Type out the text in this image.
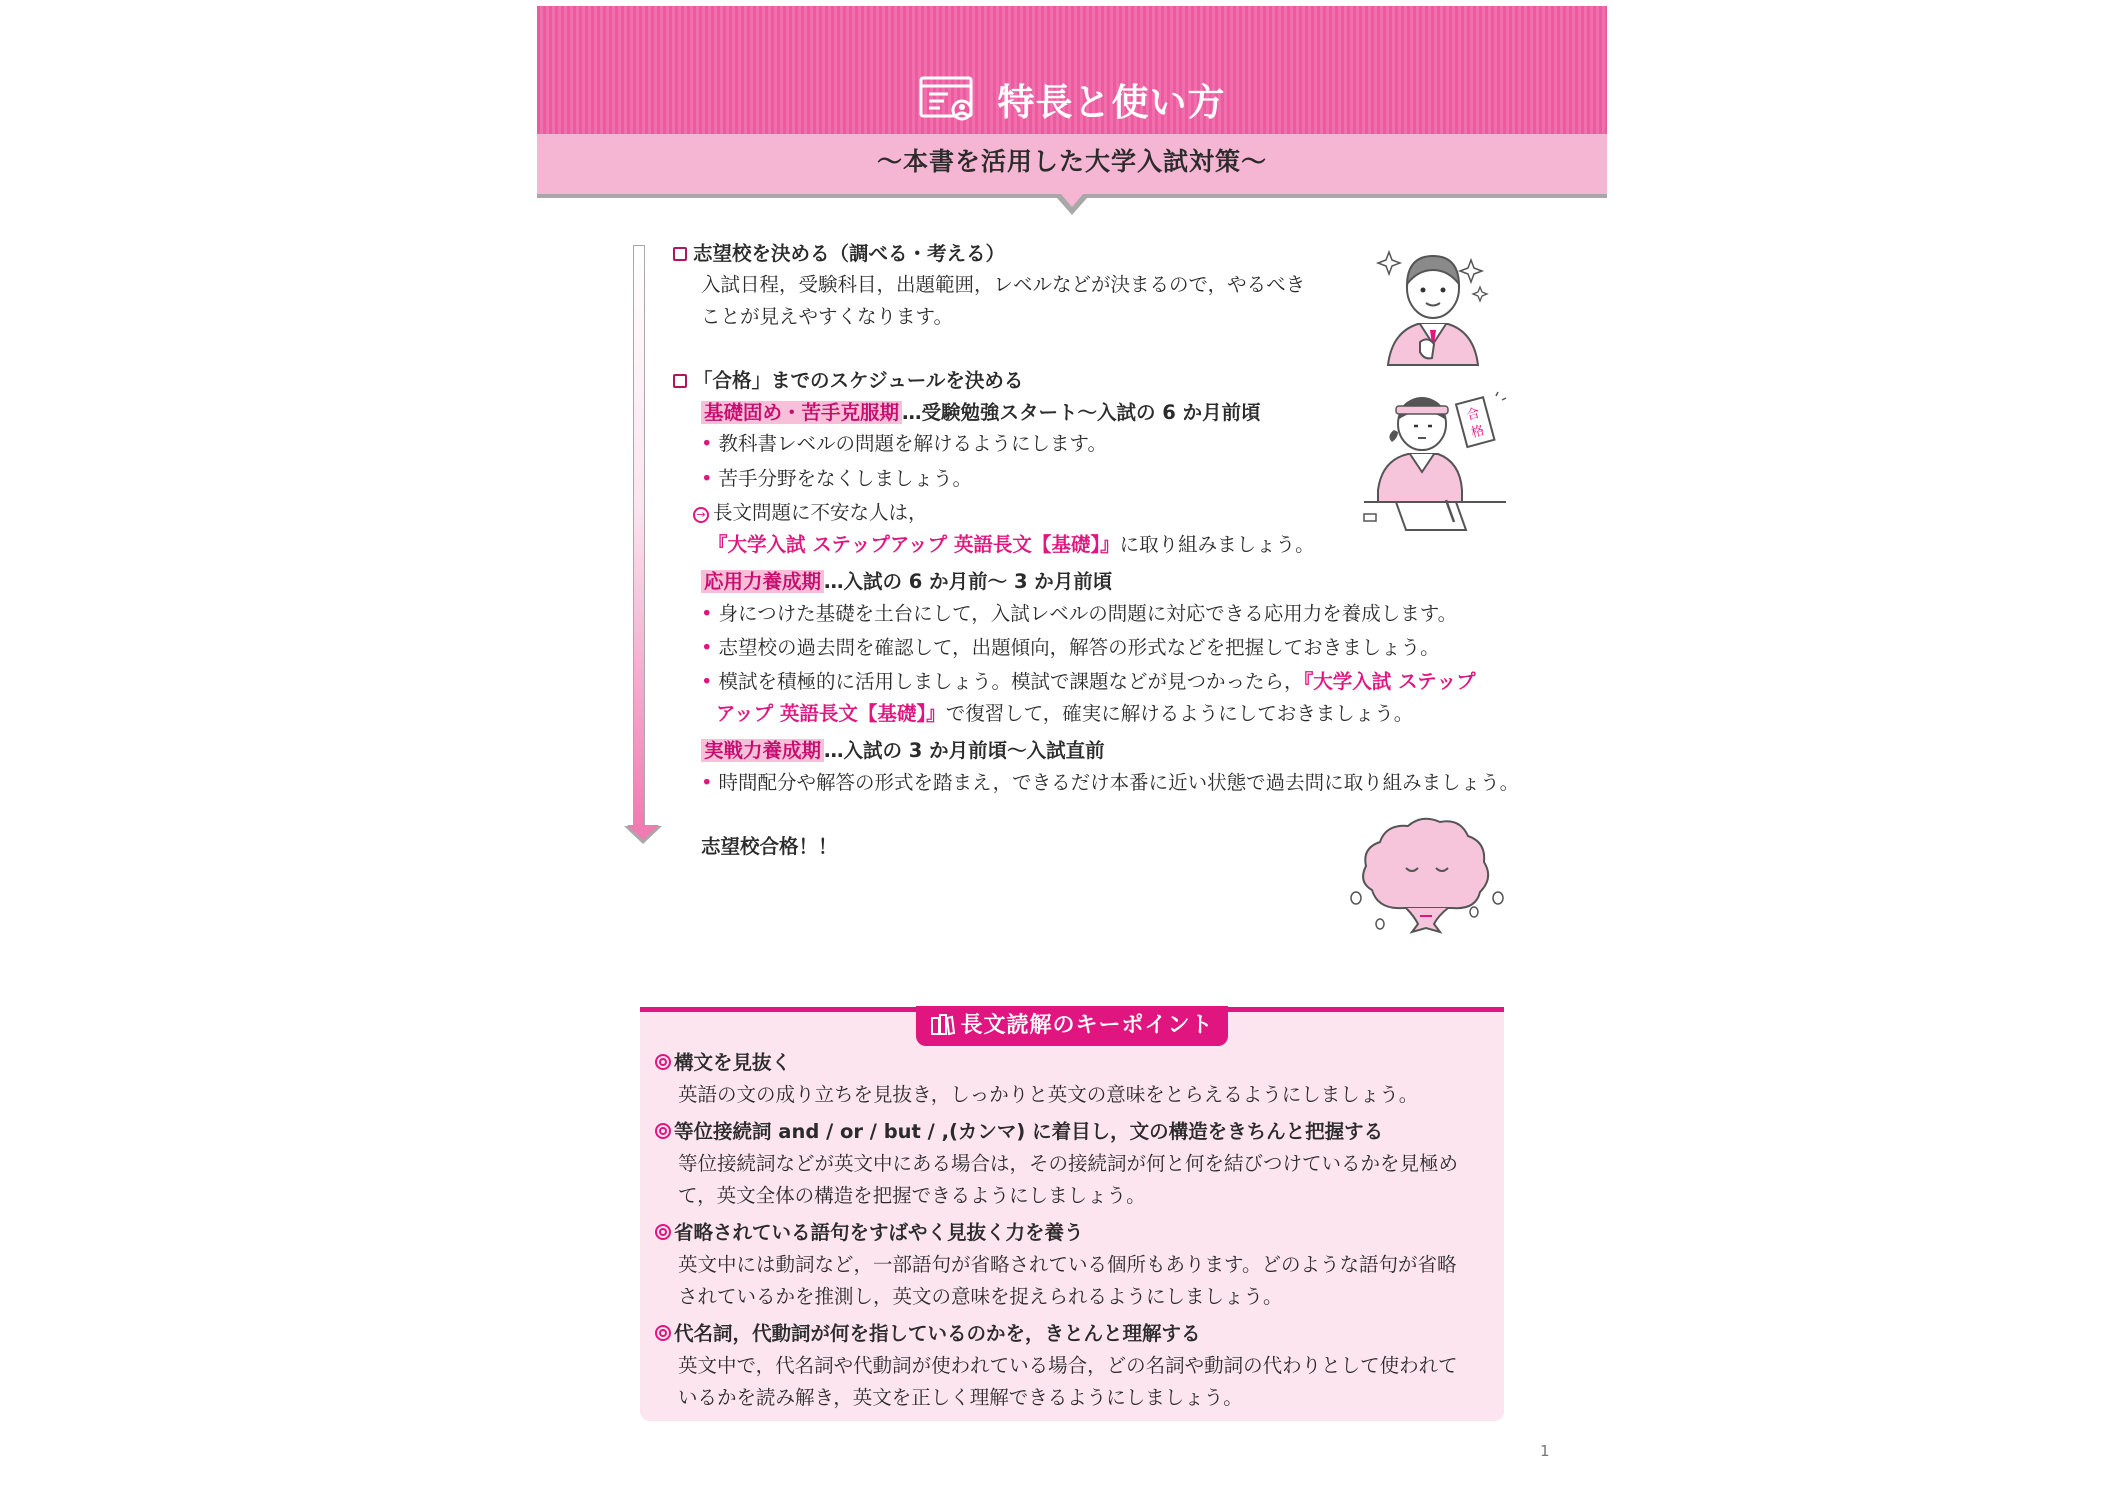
特長と使い方
〜本書を活用した大学入試対策〜
志望校を決める（調べる・考える）
入試日程，受験科目，出題範囲，レベルなどが決まるので，やるべき
ことが見えやすくなります。
「合格」までのスケジュールを決める
基礎固め・苦手克服期 …受験勉強スタート〜入試の 6 か月前頃
• 教科書レベルの問題を解けるようにします。
• 苦手分野をなくしましょう。
→ 長文問題に不安な人は，
『大学入試 ステップアップ 英語長文【基礎】』に取り組みましょう。
応用力養成期 …入試の 6 か月前〜 3 か月前頃
• 身につけた基礎を土台にして，入試レベルの問題に対応できる応用力を養成します。
• 志望校の過去問を確認して，出題傾向，解答の形式などを把握しておきましょう。
• 模試を積極的に活用しましょう。模試で課題などが見つかったら，『大学入試 ステップ
アップ 英語長文【基礎】』で復習して，確実に解けるようにしておきましょう。
実戦力養成期 …入試の 3 か月前頃〜入試直前
• 時間配分や解答の形式を踏まえ，できるだけ本番に近い状態で過去問に取り組みましょう。
志望校合格！！
合
格
長文読解のキーポイント
構文を見抜く
英語の文の成り立ちを見抜き，しっかりと英文の意味をとらえるようにしましょう。
等位接続詞 and / or / but / ,(カンマ) に着目し，文の構造をきちんと把握する
等位接続詞などが英文中にある場合は，その接続詞が何と何を結びつけているかを見極め
て，英文全体の構造を把握できるようにしましょう。
省略されている語句をすばやく見抜く力を養う
英文中には動詞など，一部語句が省略されている個所もあります。どのような語句が省略
されているかを推測し，英文の意味を捉えられるようにしましょう。
代名詞，代動詞が何を指しているのかを，きとんと理解する
英文中で，代名詞や代動詞が使われている場合，どの名詞や動詞の代わりとして使われて
いるかを読み解き，英文を正しく理解できるようにしましょう。
1
